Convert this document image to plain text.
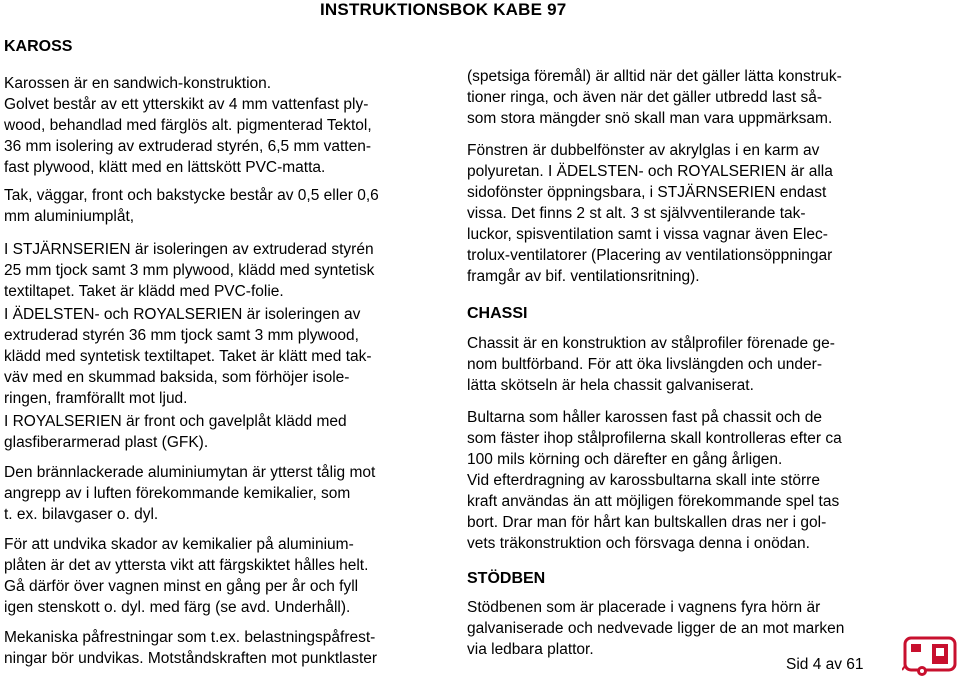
INSTRUKTIONSBOK KABE 97
KAROSS
Karossen är en sandwich-konstruktion.
Golvet består av ett ytterskikt av 4 mm vattenfast ply-
wood, behandlad med färglös alt. pigmenterad Tektol,
36 mm isolering av extruderad styrén, 6,5 mm vatten-
fast plywood, klätt med en lättskött PVC-matta.
Tak, väggar, front och bakstycke består av 0,5 eller 0,6
mm aluminiumplåt,
I STJÄRNSERIEN är isoleringen av extruderad styrén
25 mm tjock samt 3 mm plywood, klädd med syntetisk
textiltapet. Taket är klädd med PVC-folie.
I ÄDELSTEN- och ROYALSERIEN är isoleringen av
extruderad styrén 36 mm tjock samt 3 mm plywood,
klädd med syntetisk textiltapet. Taket är klätt med tak-
väv med en skummad baksida, som förhöjer isole-
ringen, framförallt mot ljud.
I ROYALSERIEN är front och gavelplåt klädd med
glasfiberarmerad plast (GFK).
Den brännlackerade aluminiumytan är ytterst tålig mot
angrepp av i luften förekommande kemikalier, som
t. ex. bilavgaser o. dyl.
För att undvika skador av kemikalier på aluminium-
plåten är det av yttersta vikt att färgskiktet hålles helt.
Gå därför över vagnen minst en gång per år och fyll
igen stenskott o. dyl. med färg (se avd. Underhåll).
Mekaniska påfrestningar som t.ex. belastningspåfrest-
ningar bör undvikas. Motståndskraften mot punktlaster
(spetsiga föremål) är alltid när det gäller lätta konstruk-
tioner ringa, och även när det gäller utbredd last så-
som stora mängder snö skall man vara uppmärksam.
Fönstren är dubbelfönster av akrylglas i en karm av
polyuretan. I ÄDELSTEN- och ROYALSERIEN är alla
sidofönster öppningsbara, i STJÄRNSERIEN endast
vissa. Det finns 2 st alt. 3 st självventilerande tak-
luckor, spisventilation samt i vissa vagnar även Elec-
trolux-ventilatorer (Placering av ventilationsöppningar
framgår av bif. ventilationsritning).
CHASSI
Chassit är en konstruktion av stålprofiler förenade ge-
nom bultförband. För att öka livslängden och under-
lätta skötseln är hela chassit galvaniserat.
Bultarna som håller karossen fast på chassit och de
som fäster ihop stålprofilerna skall kontrolleras efter ca
100 mils körning och därefter en gång årligen.
Vid efterdragning av karossbultarna skall inte större
kraft användas än att möjligen förekommande spel tas
bort. Drar man för hårt kan bultskallen dras ner i gol-
vets träkonstruktion och försvaga denna i onödan.
STÖDBEN
Stödbenen som är placerade i vagnens fyra hörn är
galvaniserade och nedvevade ligger de an mot marken
via ledbara plattor.
Sid 4 av 61
